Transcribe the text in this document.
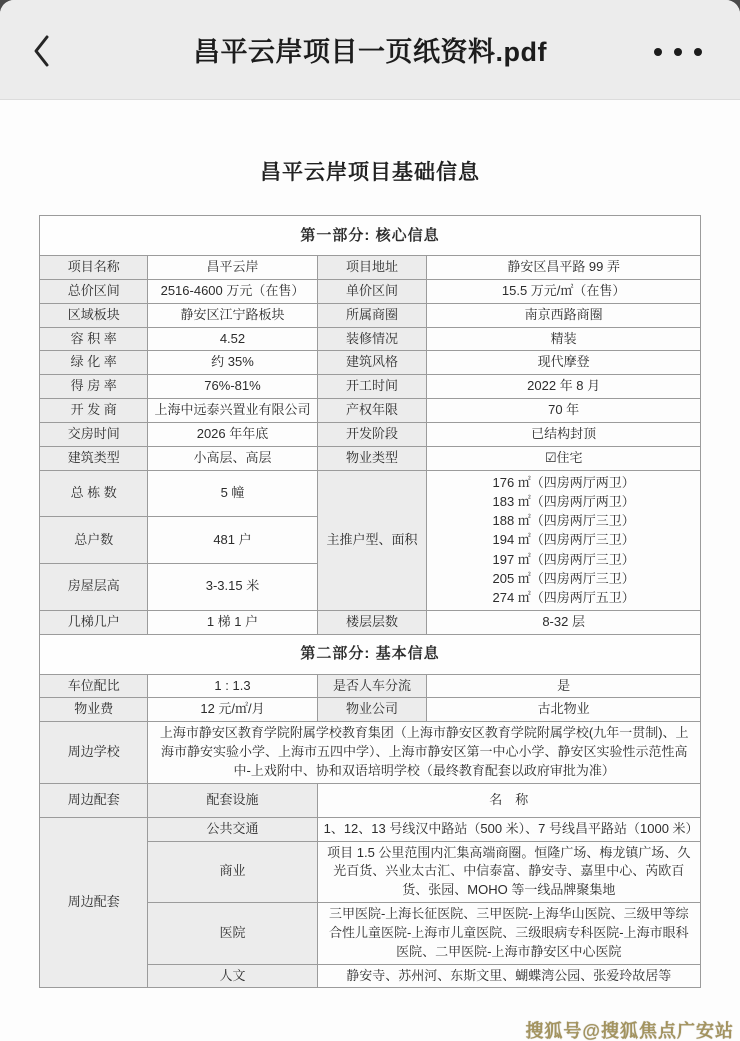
昌平云岸项目一页纸资料.pdf
昌平云岸项目基础信息
第一部分: 核心信息			
项目名称	昌平云岸	项目地址	静安区昌平路 99 弄
总价区间	2516-4600 万元（在售）	单价区间	15.5 万元/㎡（在售）
区域板块	静安区江宁路板块	所属商圈	南京西路商圈
容 积 率	4.52	装修情况	精装
绿 化 率	约 35%	建筑风格	现代摩登
得 房 率	76%-81%	开工时间	2022 年 8 月
开 发 商	上海中远泰兴置业有限公司	产权年限	70 年
交房时间	2026 年年底	开发阶段	已结构封顶
建筑类型	小高层、高层	物业类型	☑住宅
总 栋 数	5 幢	主推户型、面积	
176 ㎡（四房两厅两卫）
183 ㎡（四房两厅两卫）
188 ㎡（四房两厅三卫）
194 ㎡（四房两厅三卫）
197 ㎡（四房两厅三卫）
205 ㎡（四房两厅三卫）
274 ㎡（四房两厅五卫）

总户数	481 户		
房屋层高	3-3.15 米		
几梯几户	1 梯 1 户	楼层层数	8-32 层
第二部分: 基本信息			
车位配比	1 : 1.3	是否人车分流	是
物业费	12 元/㎡/月	物业公司	古北物业
周边学校	上海市静安区教育学院附属学校教育集团（上海市静安区教育学院附属学校(九年一贯制)、上海市静安实验小学、上海市五四中学）、上海市静安区第一中心小学、静安区实验性示范性高中-上戏附中、协和双语培明学校（最终教育配套以政府审批为准）		
周边配套	配套设施	名　称	
周边配套	公共交通	1、12、13 号线汉中路站（500 米）、7 号线昌平路站（1000 米）	
	商业	项目 1.5 公里范围内汇集高端商圈。恒隆广场、梅龙镇广场、久光百货、兴业太古汇、中信泰富、静安寺、嘉里中心、芮欧百货、张园、MOHO 等一线品牌聚集地	
	医院	三甲医院-上海长征医院、三甲医院-上海华山医院、三级甲等综合性儿童医院-上海市儿童医院、三级眼病专科医院-上海市眼科医院、二甲医院-上海市静安区中心医院	
	人文	静安寺、苏州河、东斯文里、蝴蝶湾公园、张爱玲故居等	
搜狐号@搜狐焦点广安站
